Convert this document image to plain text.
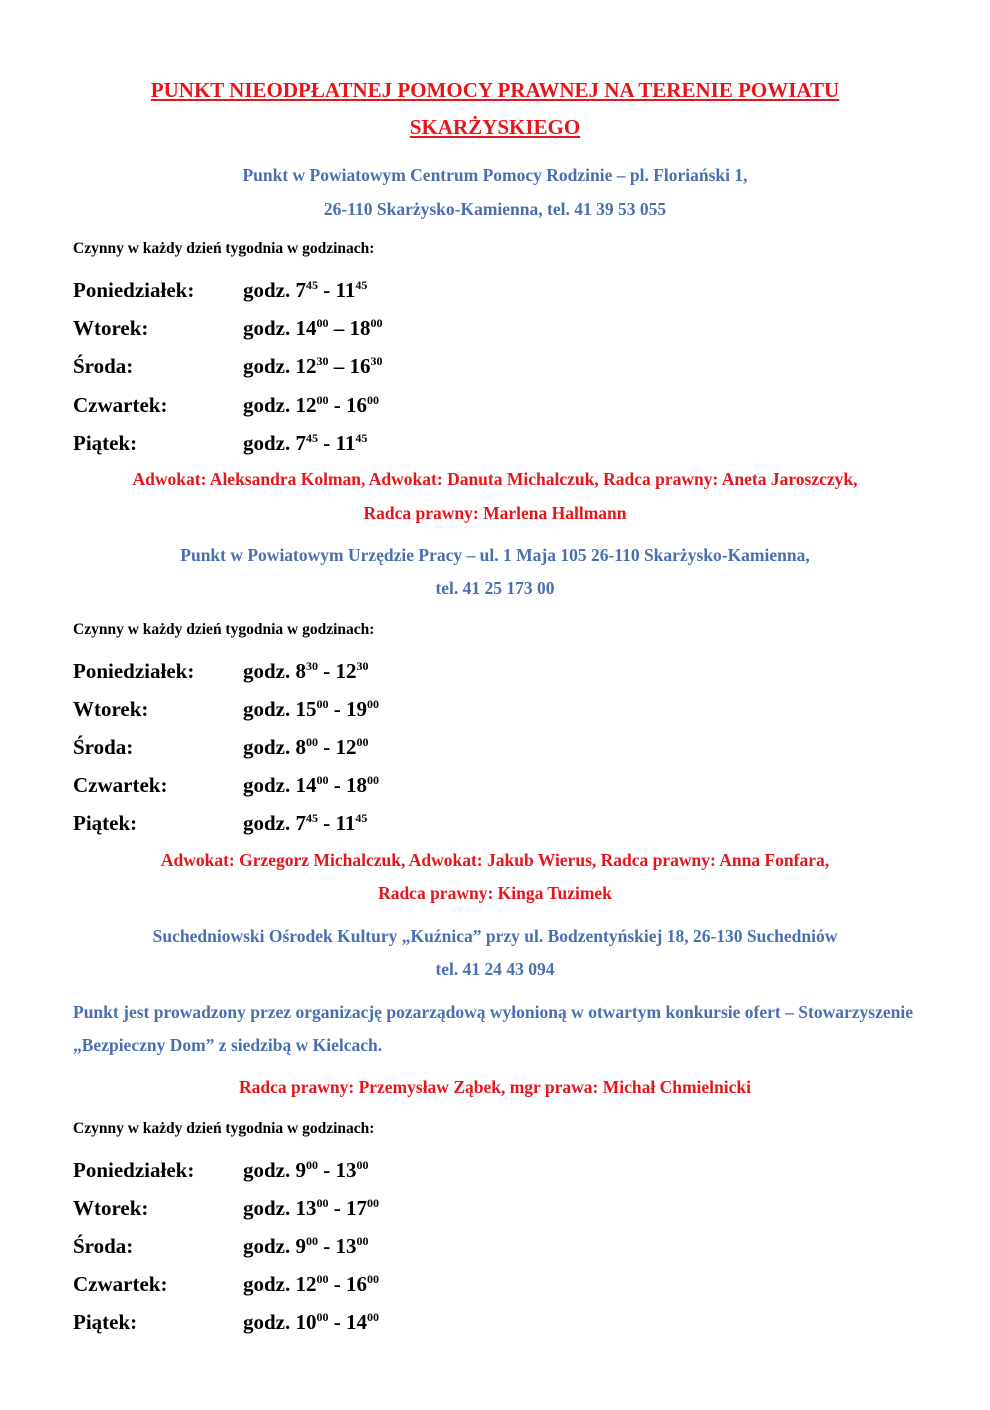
PUNKT NIEODPŁATNEJ POMOCY PRAWNEJ NA TERENIE POWIATU
SKARŻYSKIEGO
Punkt w Powiatowym Centrum Pomocy Rodzinie – pl. Floriański 1,
26-110 Skarżysko-Kamienna, tel. 41 39 53 055
Czynny w każdy dzień tygodnia w godzinach:
Poniedziałek: godz. $7^{45} - 11^{45}$
Wtorek:	godz. $14^{00} - 18^{00}$
Środa:	godz. $12^{30} - 16^{30}$
Czwartek:	godz. $12^{00} - 16^{00}$
Piątek:	godz. $7^{45} - 11^{45}$
Adwokat: Aleksandra Kolman, Adwokat: Danuta Michalczuk, Radca prawny: Aneta Jaroszczyk,
Radca prawny: Marlena Hallmann
Punkt w Powiatowym Urzędzie Pracy – ul. 1 Maja 105 26-110 Skarżysko-Kamienna,
tel. 41 25 173 00
Czynny w każdy dzień tygodnia w godzinach:
Poniedziałek: godz. $8^{30} - 12^{30}$
Wtorek:	godz. $15^{00} - 19^{00}$
Środa:	godz. $8^{00} - 12^{00}$
Czwartek:	godz. $14^{00} - 18^{00}$
Piątek:	godz. $7^{45} - 11^{45}$
Adwokat: Grzegorz Michalczuk, Adwokat: Jakub Wierus, Radca prawny: Anna Fonfara,
Radca prawny: Kinga Tuzimek
Suchedniowski Ośrodek Kultury „Kuźnica” przy ul. Bodzentyńskiej 18, 26-130 Suchedniów
tel. 41 24 43 094
Punkt jest prowadzony przez organizację pozarządową wyłonioną w otwartym konkursie ofert – Stowarzyszenie „Bezpieczny Dom” z siedzibą w Kielcach.
Radca prawny: Przemysław Ząbek, mgr prawa: Michał Chmielnicki
Czynny w każdy dzień tygodnia w godzinach:
Poniedziałek: godz. $9^{00} - 13^{00}$
Wtorek:	godz. $13^{00} - 17^{00}$
Środa:	godz. $9^{00} - 13^{00}$
Czwartek:	godz. $12^{00} - 16^{00}$
Piątek:	godz. $10^{00} - 14^{00}$
